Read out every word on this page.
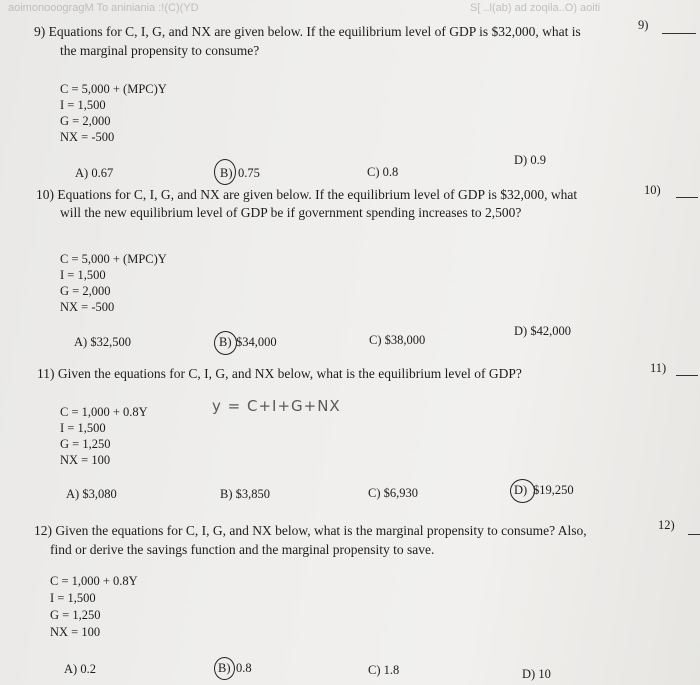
aoimonooogragM To aniniania :!(C)(YD	S[ ..l(ab) ad zoqila..O) aoiti
9) Equations for C, I, G, and NX are given below. If the equilibrium level of GDP is $32,000, what is
the marginal propensity to consume?
9)
C = 5,000 + (MPC)Y
I = 1,500
G = 2,000
NX = -500
A) 0.67	B) 0.75	C) 0.8
D) 0.9
10) Equations for C, I, G, and NX are given below. If the equilibrium level of GDP is $32,000, what
will the new equilibrium level of GDP be if government spending increases to 2,500?
10)
C = 5,000 + (MPC)Y
I = 1,500
G = 2,000
NX = -500
A) $32,500	B) $34,000	C) $38,000
D) $42,000
11) Given the equations for C, I, G, and NX below, what is the equilibrium level of GDP?	11)
C = 1,000 + 0.8Y
I = 1,500
G = 1,250
NX = 100
y = C+I+G+NX
A) $3,080	B) $3,850	C) $6,930	D) $19,250
12) Given the equations for C, I, G, and NX below, what is the marginal propensity to consume? Also,
find or derive the savings function and the marginal propensity to save.
12)
C = 1,000 + 0.8Y
I = 1,500
G = 1,250
NX = 100
A) 0.2	B) 0.8	C) 1.8	D) 10
